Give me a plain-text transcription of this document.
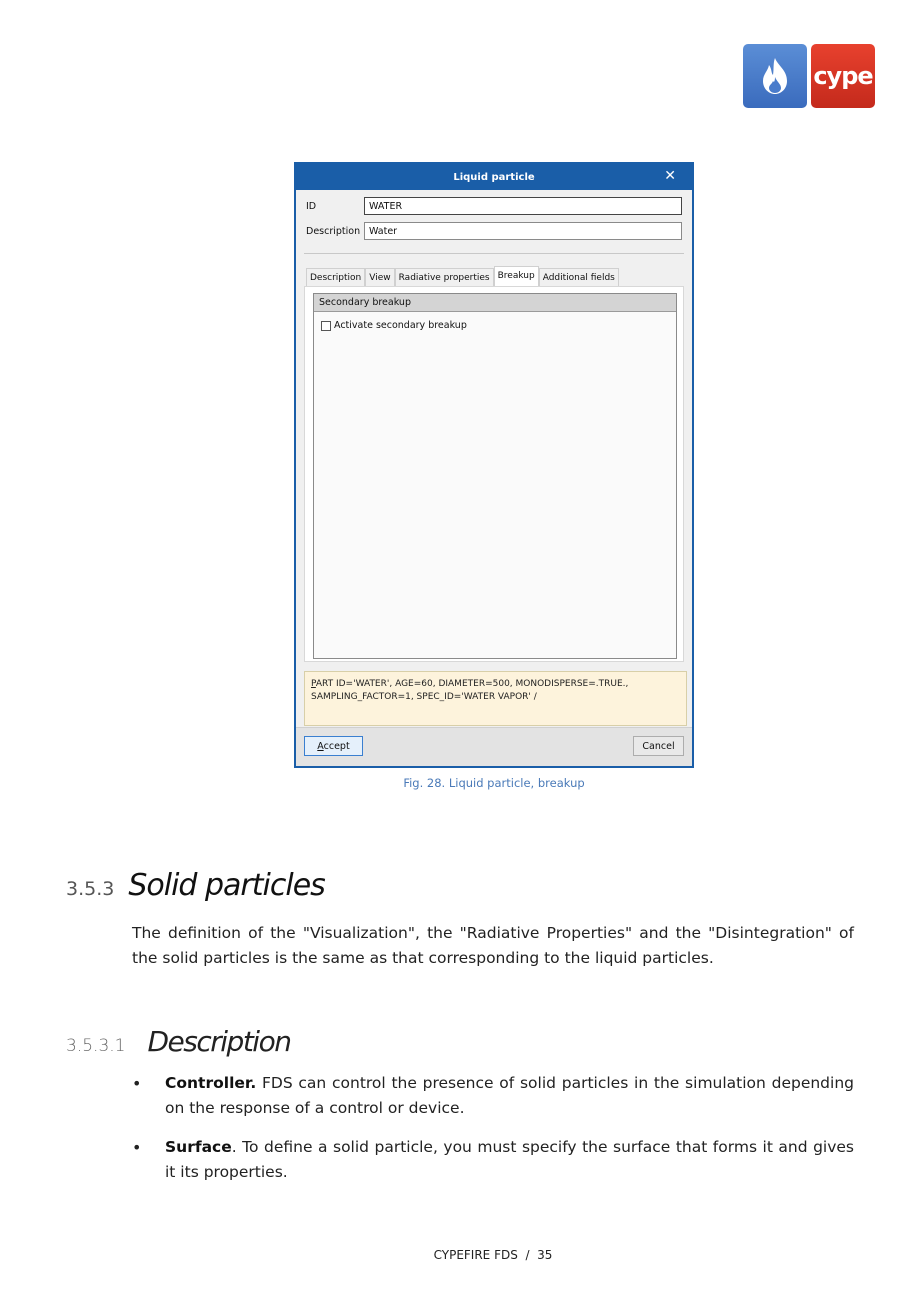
cype
Liquid particle	✕
ID
WATER
Description
Water
Description View Radiative properties Breakup Additional fields
Secondary breakup
Activate secondary breakup
PART ID='WATER', AGE=60, DIAMETER=500, MONODISPERSE=.TRUE.,
SAMPLING_FACTOR=1, SPEC_ID='WATER VAPOR' /
Accept	Cancel
Fig. 28. Liquid particle, breakup
3.5.3 Solid particles

The definition of the "Visualization", the "Radiative Properties" and the "Disintegration" of the solid particles is the same as that corresponding to the liquid particles.

3.5.3.1 Description
• Controller. FDS can control the presence of solid particles in the simulation depending on the response of a control or device.
• Surface. To define a solid particle, you must specify the surface that forms it and gives it its properties.
CYPEFIRE FDS  /  35
